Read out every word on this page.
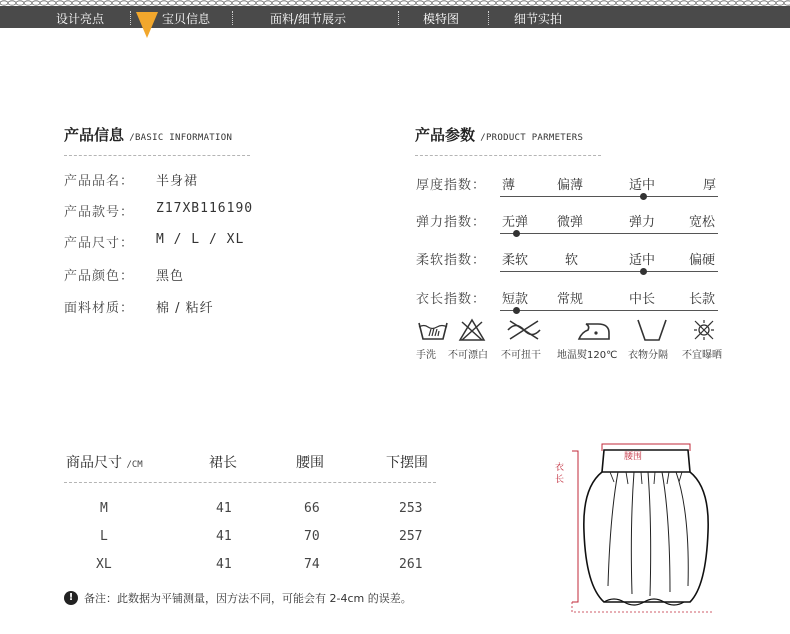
设计亮点	宝贝信息	面料/细节展示	模特图	细节实拍
产品信息 /BASIC INFORMATION
产品品名： 半身裙
产品款号： Z17XB116190
产品尺寸： M / L / XL
产品颜色： 黑色
面料材质： 棉 / 粘纤
产品参数 /PRODUCT PARMETERS
厚度指数： 薄	偏薄	适中	厚
弹力指数： 无弹 微弹	弹力	宽松
柔软指数： 柔软	软	适中	偏硬
衣长指数： 短款 常规	中长	长款
手洗 不可漂白 不可扭干 地温熨120℃ 衣物分隔 不宜曝晒
商品尺寸 /CM	裙长	腰围	下摆围
M	41	66	253
L	41	70	257
XL	41	74	261
! 备注：此数据为平铺测量，因方法不同，可能会有 2-4cm 的误差。
腰围
衣长
